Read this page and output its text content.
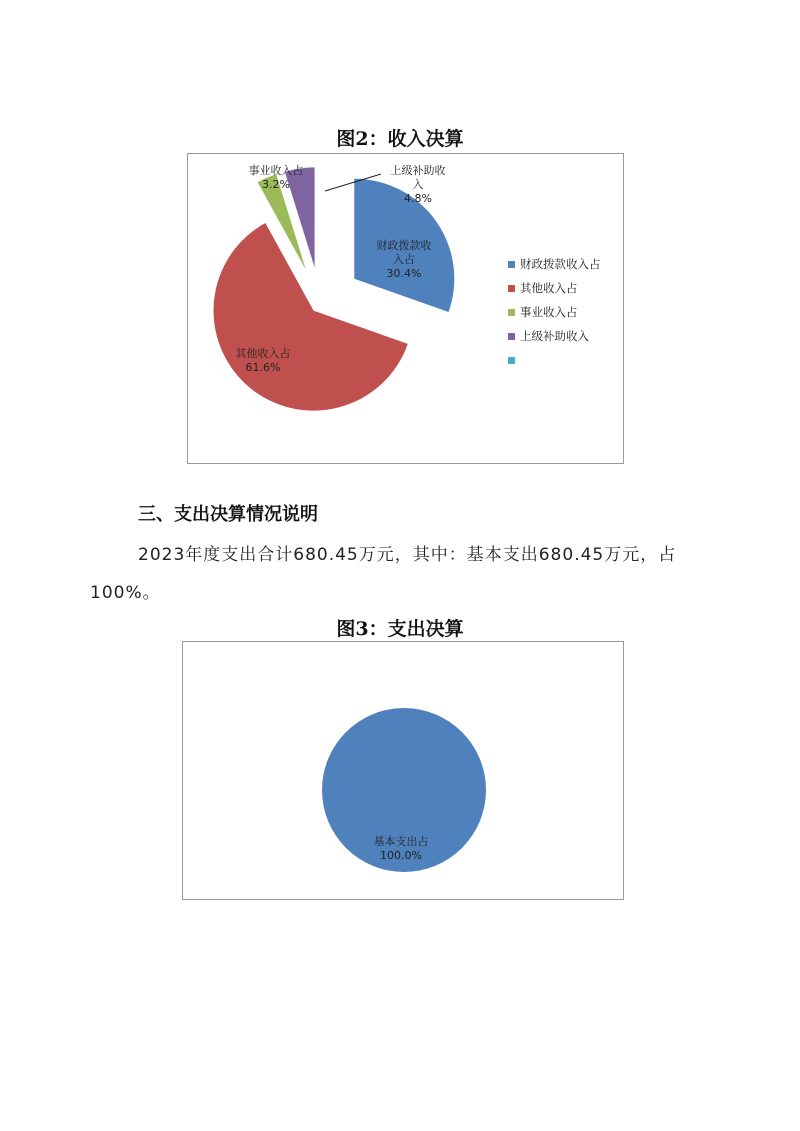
图2：收入决算
财政拨款收入占
其他收入占
事业收入占
上级补助收入
财政拨款收
入占
30.4%
其他收入占
61.6%
事业收入占
3.2%
上级补助收
入
4.8%
三、支出决算情况说明
2023年度支出合计680.45万元，其中：基本支出680.45万元，占
100%。
图3：支出决算
基本支出占
100.0%
